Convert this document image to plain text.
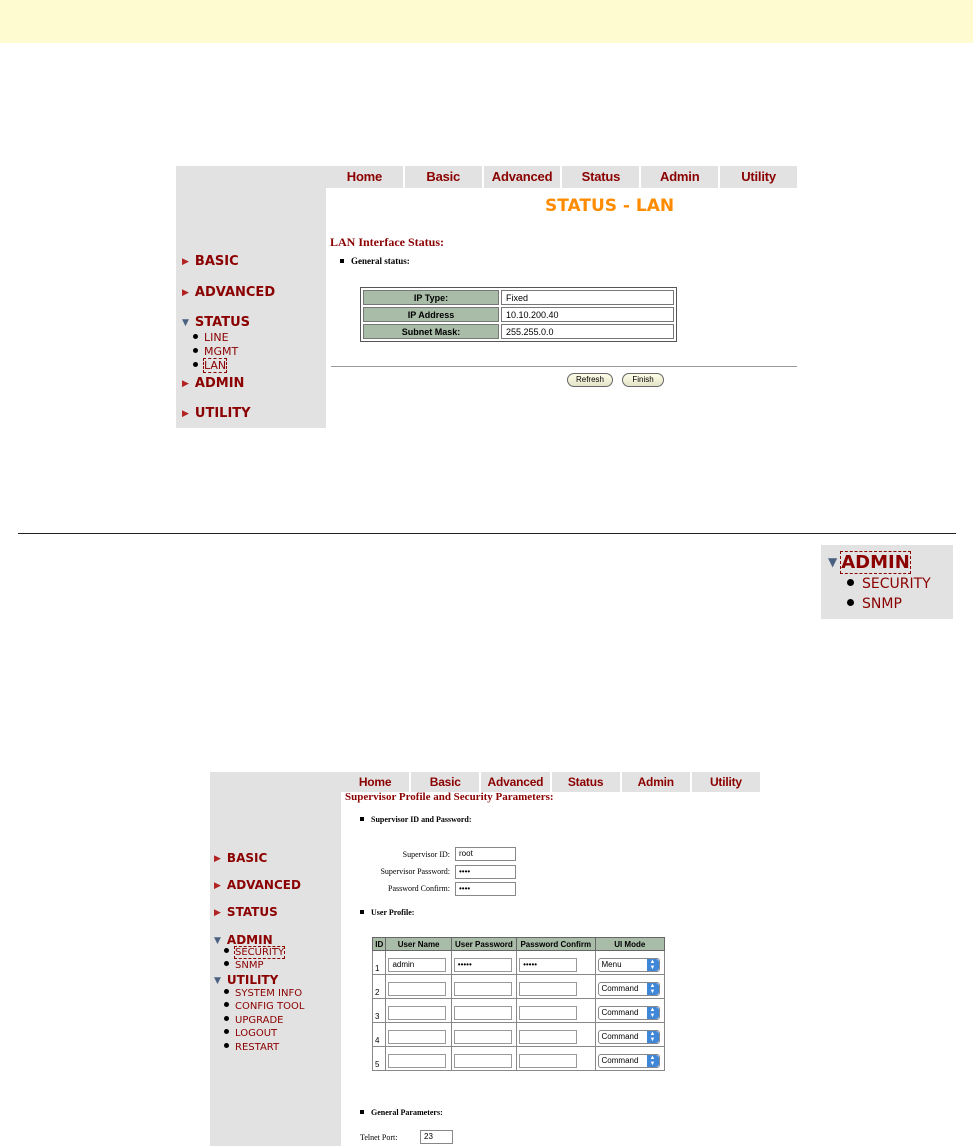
Home	Basic	Advanced	Status	Admin	Utility
▶ BASIC
▶ ADVANCED
▼ STATUS
LINE
MGMT
LAN
▶ ADMIN
▶ UTILITY
STATUS - LAN
LAN Interface Status:
General status:
IP Type:	Fixed
IP Address	10.10.200.40
Subnet Mask:	255.255.0.0
Refresh	Finish
▼ ADMIN
SECURITY
SNMP
Home	Basic	Advanced	Status	Admin	Utility
▶ BASIC
▶ ADVANCED
▶ STATUS
▼ ADMIN
SECURITY
SNMP
▼ UTILITY
SYSTEM INFO
CONFIG TOOL
UPGRADE
LOGOUT
RESTART
Supervisor Profile and Security Parameters:
Supervisor ID and Password:
Supervisor ID:	root
Supervisor Password:	••••
Password Confirm:	••••
User Profile:
ID	User Name	User Password	Password Confirm	UI Mode
1	admin	•••••	•••••	Menu ▲
▼

2				Command ▲
▼

3				Command ▲
▼

4				Command ▲
▼

5				Command ▲
▼
General Parameters:
Telnet Port:	23
